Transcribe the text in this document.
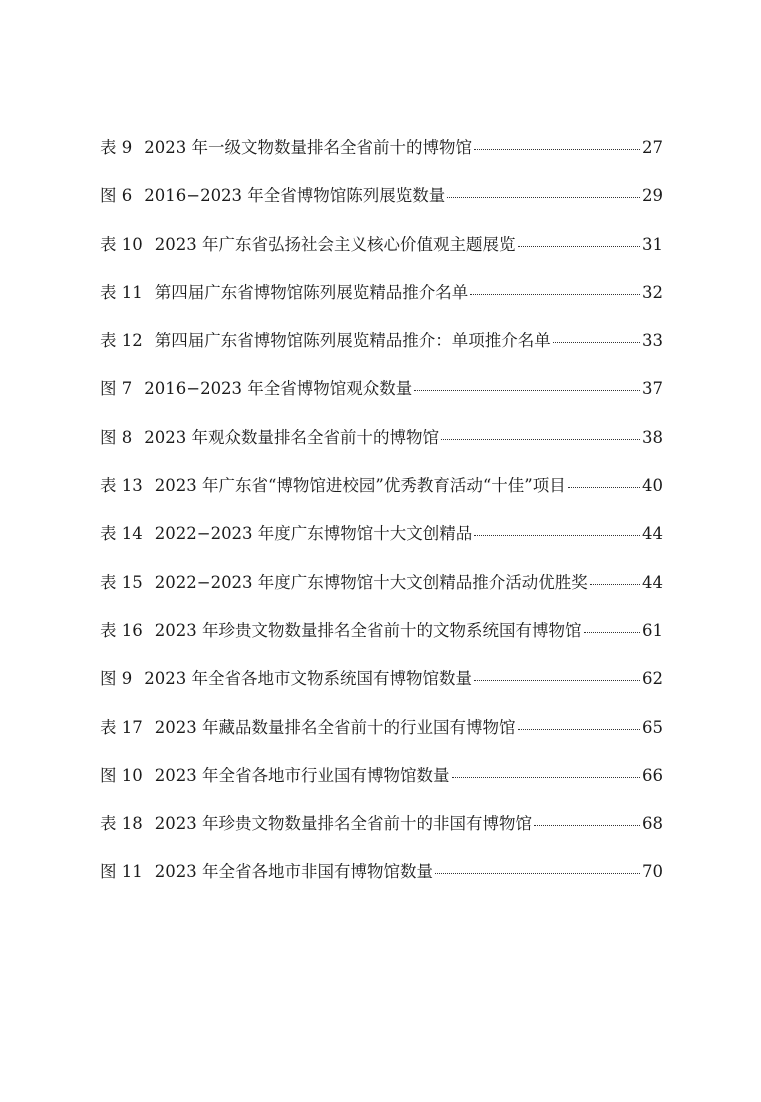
表 9 2023 年一级文物数量排名全省前十的博物馆	27
图 6 2016−2023 年全省博物馆陈列展览数量	29
表 10 2023 年广东省弘扬社会主义核心价值观主题展览	31
表 11 第四届广东省博物馆陈列展览精品推介名单	32
表 12 第四届广东省博物馆陈列展览精品推介：单项推介名单	33
图 7 2016−2023 年全省博物馆观众数量	37
图 8 2023 年观众数量排名全省前十的博物馆	38
表 13 2023 年广东省“博物馆进校园”优秀教育活动“十佳”项目	40
表 14 2022−2023 年度广东博物馆十大文创精品	44
表 15 2022−2023 年度广东博物馆十大文创精品推介活动优胜奖	44
表 16 2023 年珍贵文物数量排名全省前十的文物系统国有博物馆	61
图 9 2023 年全省各地市文物系统国有博物馆数量	62
表 17 2023 年藏品数量排名全省前十的行业国有博物馆	65
图 10 2023 年全省各地市行业国有博物馆数量	66
表 18 2023 年珍贵文物数量排名全省前十的非国有博物馆	68
图 11 2023 年全省各地市非国有博物馆数量	70
